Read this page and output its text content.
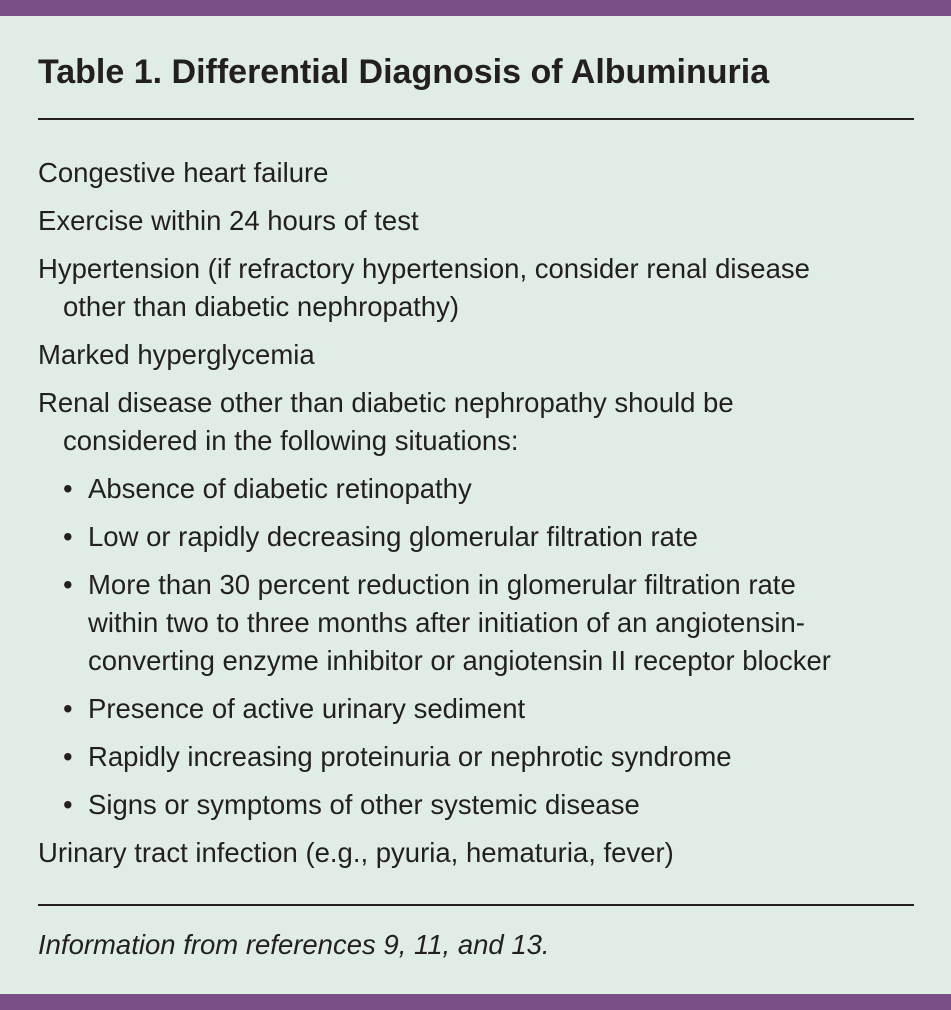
Table 1. Differential Diagnosis of Albuminuria
Congestive heart failure
Exercise within 24 hours of test
Hypertension (if refractory hypertension, consider renal disease
other than diabetic nephropathy)
Marked hyperglycemia
Renal disease other than diabetic nephropathy should be
considered in the following situations:
• Absence of diabetic retinopathy
• Low or rapidly decreasing glomerular filtration rate
• More than 30 percent reduction in glomerular filtration rate
within two to three months after initiation of an angiotensin-
converting enzyme inhibitor or angiotensin II receptor blocker
• Presence of active urinary sediment
• Rapidly increasing proteinuria or nephrotic syndrome
• Signs or symptoms of other systemic disease
Urinary tract infection (e.g., pyuria, hematuria, fever)

Information from references 9, 11, and 13.
